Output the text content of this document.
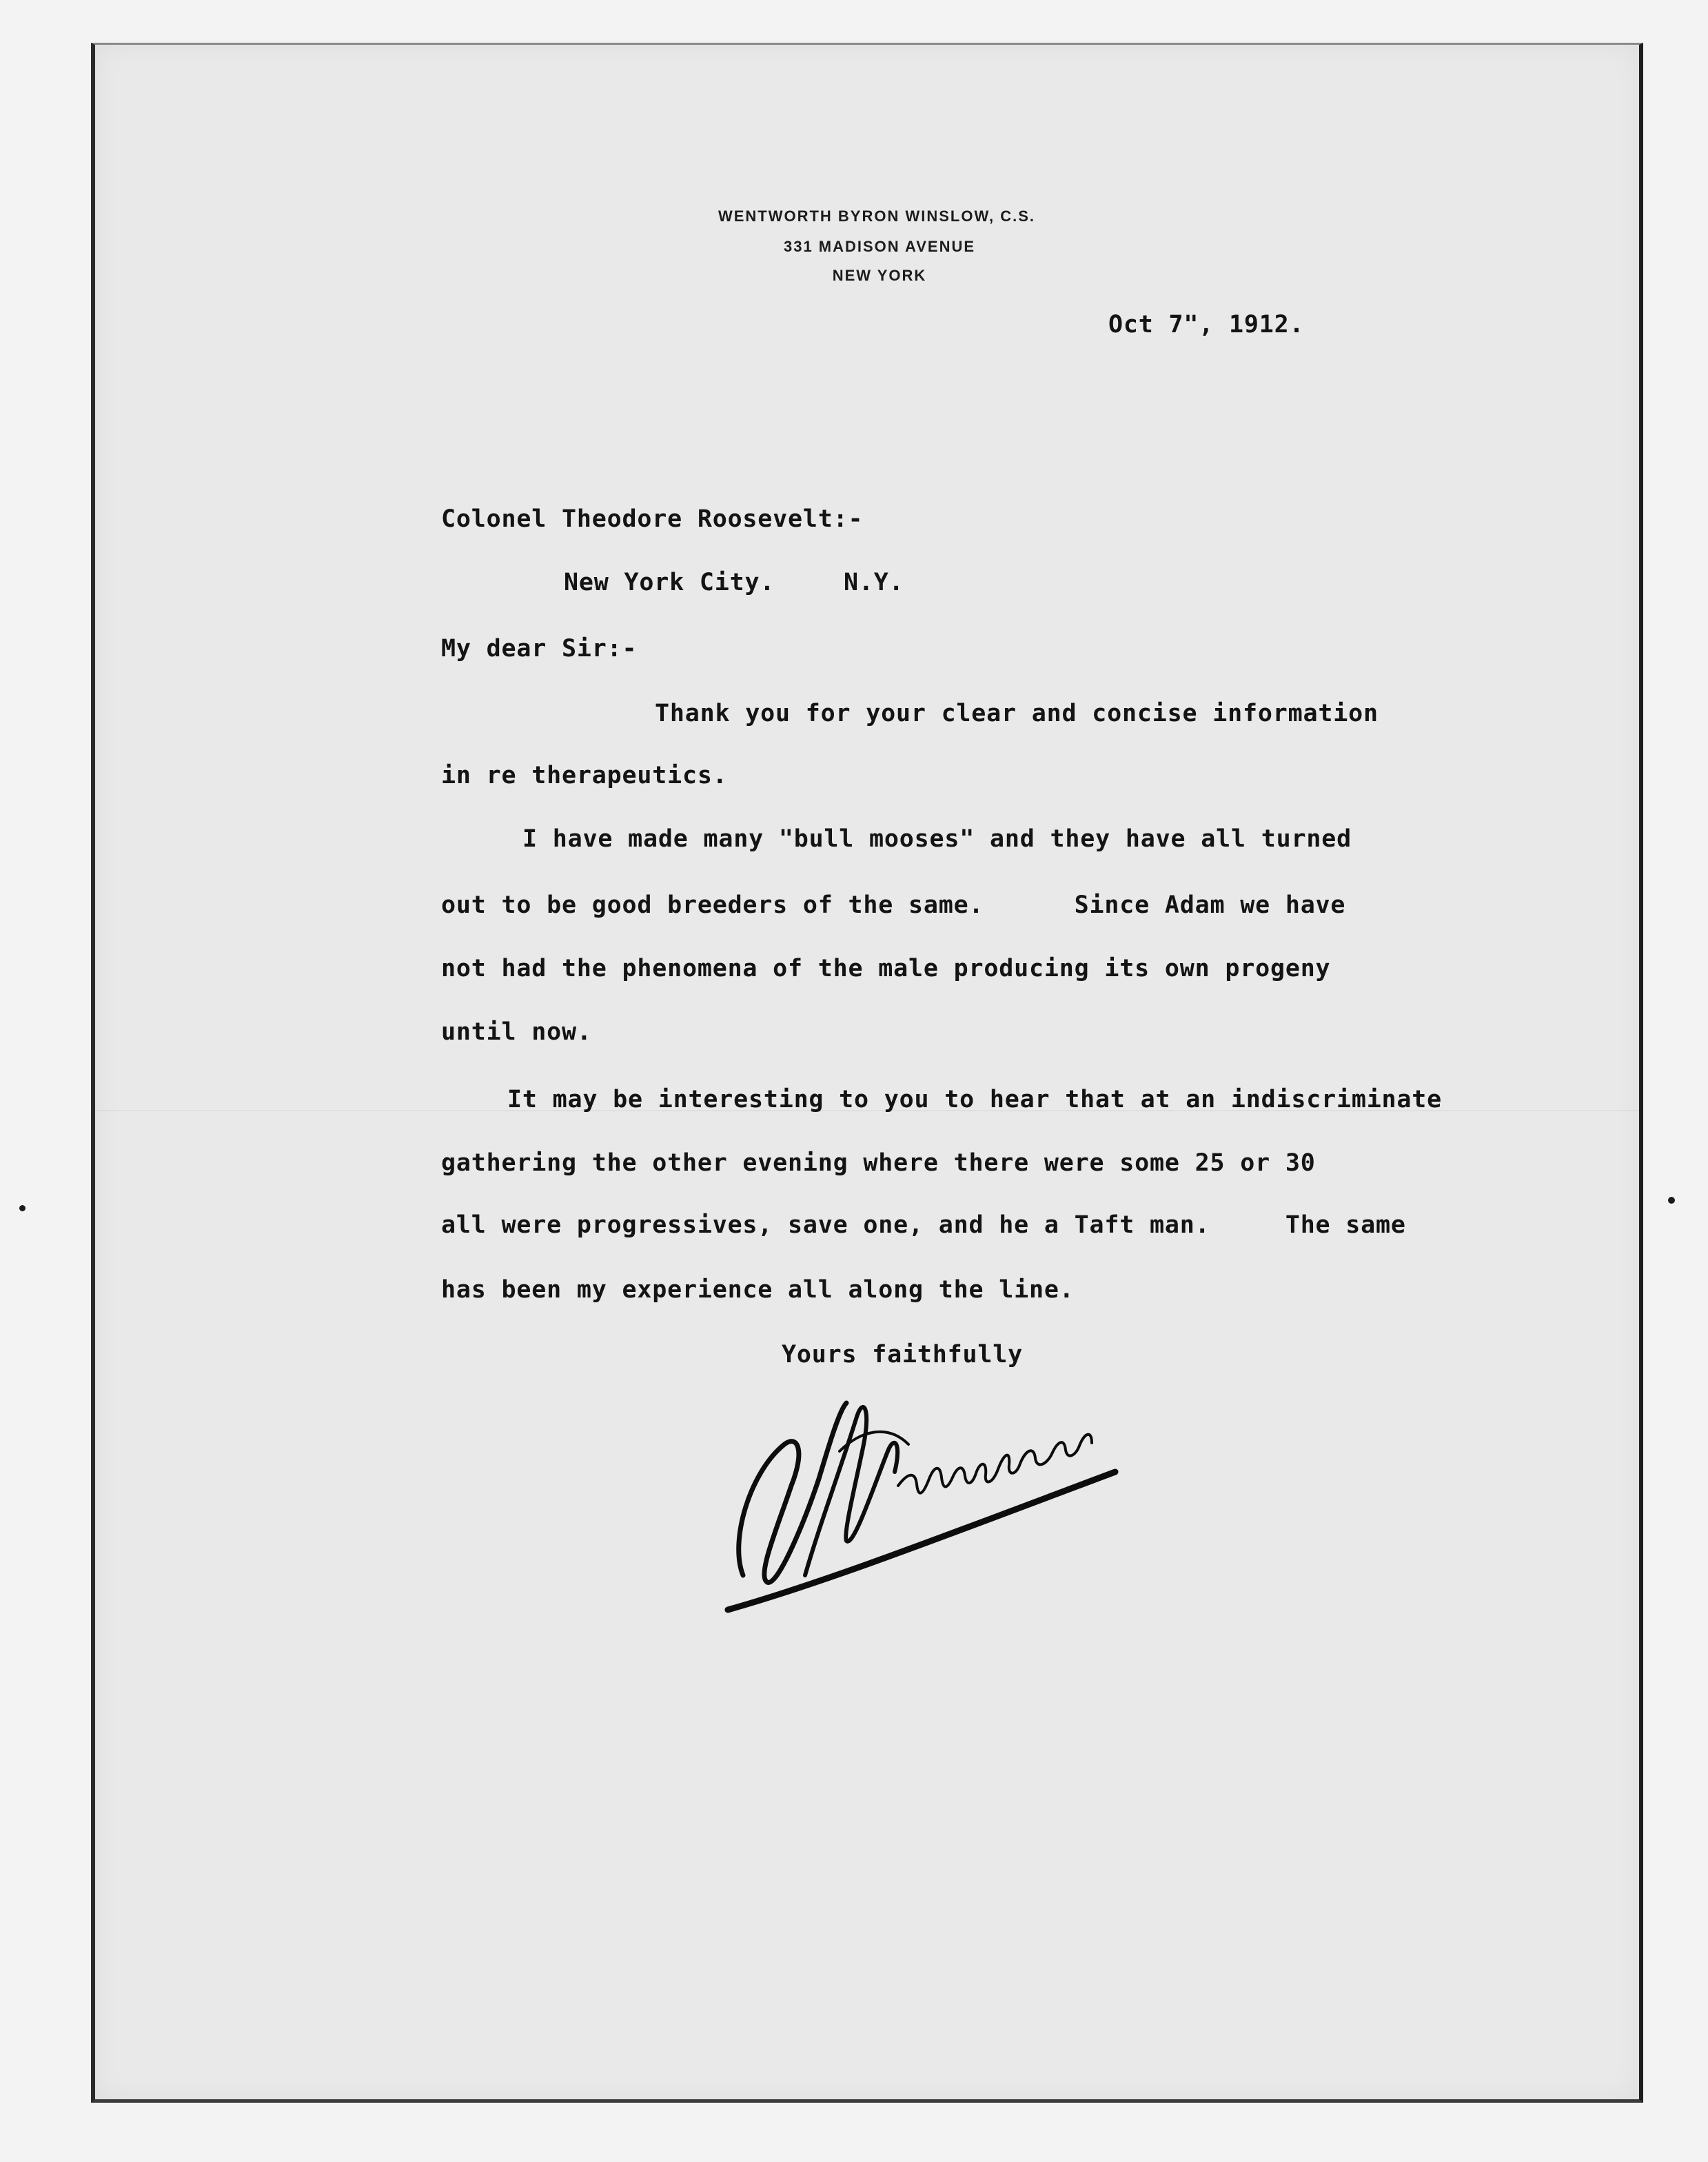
WENTWORTH BYRON WINSLOW, C.S.
331 MADISON AVENUE
NEW YORK
Oct 7", 1912.
Colonel Theodore Roosevelt:-
New York City.	N.Y.
My dear Sir:-
Thank you for your clear and concise information
in re therapeutics.
I have made many "bull mooses" and they have all turned
out to be good breeders of the same.      Since Adam we have
not had the phenomena of the male producing its own progeny
until now.
It may be interesting to you to hear that at an indiscriminate
gathering the other evening where there were some 25 or 30
all were progressives, save one, and he a Taft man.     The same
has been my experience all along the line.
Yours faithfully
